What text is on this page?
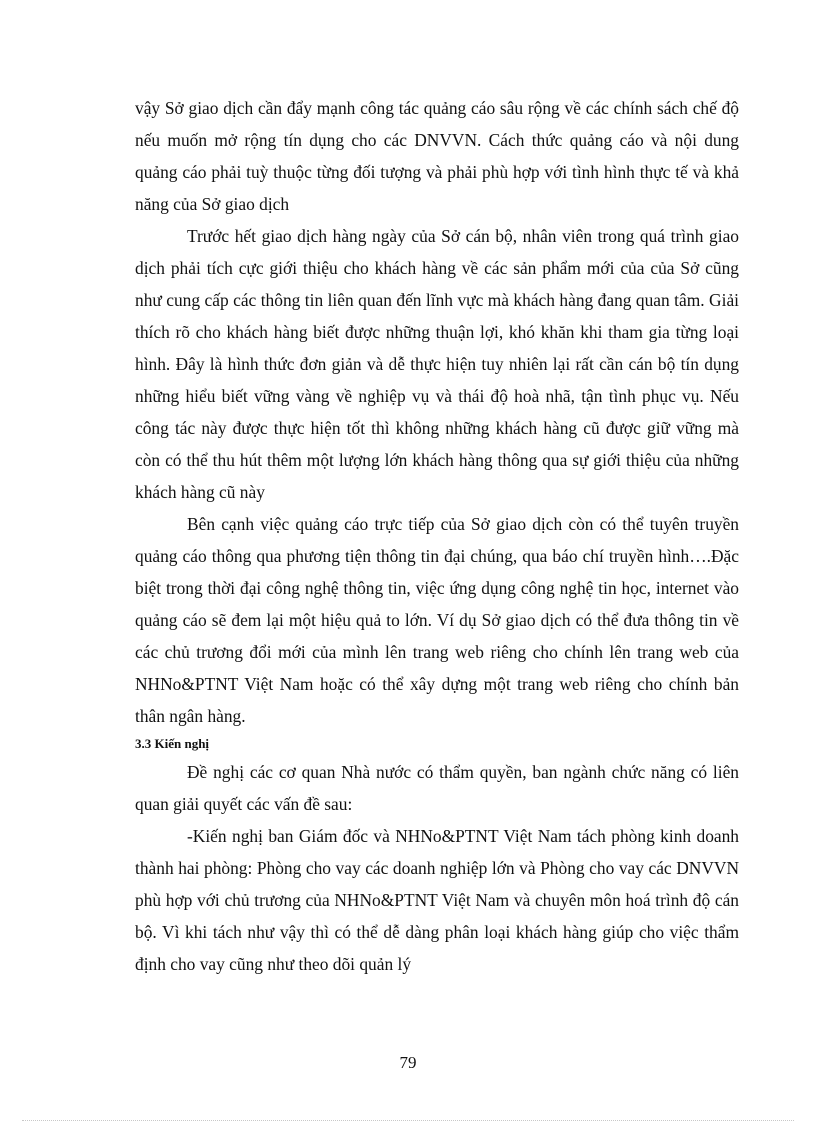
vậy Sở giao dịch cần đẩy mạnh công tác quảng cáo sâu rộng về các chính sách chế độ nếu muốn mở rộng tín dụng cho các DNVVN. Cách thức quảng cáo và nội dung quảng cáo phải tuỳ thuộc từng đối tượng và phải phù hợp với tình hình thực tế và khả năng của Sở giao dịch

Trước hết giao dịch hàng ngày của Sở cán bộ, nhân viên trong quá trình giao dịch phải tích cực giới thiệu cho khách hàng về các sản phẩm mới của của Sở cũng như cung cấp các thông tin liên quan đến lĩnh vực mà khách hàng đang quan tâm. Giải thích rõ cho khách hàng biết được những thuận lợi, khó khăn khi tham gia từng loại hình. Đây là hình thức đơn giản và dễ thực hiện tuy nhiên lại rất cần cán bộ tín dụng những hiểu biết vững vàng về nghiệp vụ và thái độ hoà nhã, tận tình phục vụ. Nếu công tác này được thực hiện tốt thì không những khách hàng cũ được giữ vững mà còn có thể thu hút thêm một lượng lớn khách hàng thông qua sự giới thiệu của những khách hàng cũ này

Bên cạnh việc quảng cáo trực tiếp của Sở giao dịch còn có thể tuyên truyền quảng cáo thông qua phương tiện thông tin đại chúng, qua báo chí truyền hình….Đặc biệt trong thời đại công nghệ thông tin, việc ứng dụng công nghệ tin học, internet vào quảng cáo sẽ đem lại một hiệu quả to lớn. Ví dụ Sở giao dịch có thể đưa thông tin về các chủ trương đổi mới của mình lên trang web riêng cho chính lên trang web của NHNo&PTNT Việt Nam hoặc có thể xây dựng một trang web riêng cho chính bản thân ngân hàng.

3.3 Kiến nghị

Đề nghị các cơ quan Nhà nước có thẩm quyền, ban ngành chức năng có liên quan giải quyết các vấn đề sau:

-Kiến nghị ban Giám đốc và NHNo&PTNT Việt Nam tách phòng kinh doanh thành hai phòng: Phòng cho vay các doanh nghiệp lớn và Phòng cho vay các DNVVN phù hợp với chủ trương của NHNo&PTNT Việt Nam và chuyên môn hoá trình độ cán bộ. Vì khi tách như vậy thì có thể dễ dàng phân loại khách hàng giúp cho việc thẩm định cho vay cũng như theo dõi quản lý

79
